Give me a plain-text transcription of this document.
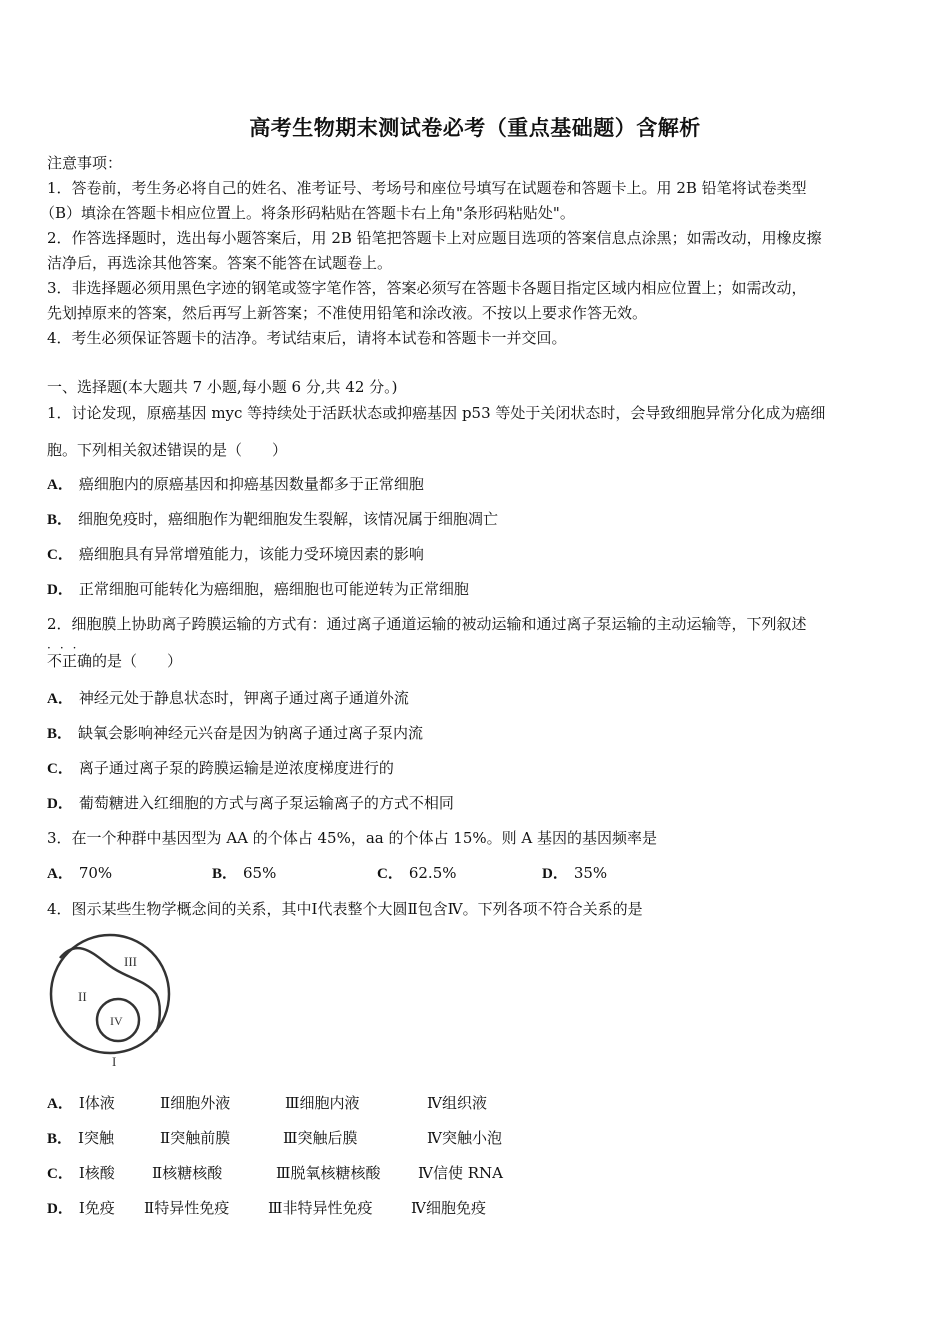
高考生物期末测试卷必考（重点基础题）含解析
注意事项：
1．答卷前，考生务必将自己的姓名、准考证号、考场号和座位号填写在试题卷和答题卡上。用 2B 铅笔将试卷类型
（B）填涂在答题卡相应位置上。将条形码粘贴在答题卡右上角"条形码粘贴处"。
2．作答选择题时，选出每小题答案后，用 2B 铅笔把答题卡上对应题目选项的答案信息点涂黑；如需改动，用橡皮擦
洁净后，再选涂其他答案。答案不能答在试题卷上。
3．非选择题必须用黑色字迹的钢笔或签字笔作答，答案必须写在答题卡各题目指定区域内相应位置上；如需改动，
先划掉原来的答案，然后再写上新答案；不准使用铅笔和涂改液。不按以上要求作答无效。
4．考生必须保证答题卡的洁净。考试结束后，请将本试卷和答题卡一并交回。
一、选择题(本大题共 7 小题,每小题 6 分,共 42 分。)
1．讨论发现，原癌基因 myc 等持续处于活跃状态或抑癌基因 p53 等处于关闭状态时，会导致细胞异常分化成为癌细
胞。下列相关叙述错误的是（　　）
A． 癌细胞内的原癌基因和抑癌基因数量都多于正常细胞
B． 细胞免疫时，癌细胞作为靶细胞发生裂解，该情况属于细胞凋亡
C． 癌细胞具有异常增殖能力，该能力受环境因素的影响
D． 正常细胞可能转化为癌细胞，癌细胞也可能逆转为正常细胞
2．细胞膜上协助离子跨膜运输的方式有：通过离子通道运输的被动运输和通过离子泵运输的主动运输等，下列叙述
···
不正确的是（　　）
A． 神经元处于静息状态时，钾离子通过离子通道外流
B． 缺氧会影响神经元兴奋是因为钠离子通过离子泵内流
C． 离子通过离子泵的跨膜运输是逆浓度梯度进行的
D． 葡萄糖进入红细胞的方式与离子泵运输离子的方式不相同
3．在一个种群中基因型为 AA 的个体占 45%，aa 的个体占 15%。则 A 基因的基因频率是
A． 70%	B． 65%	C． 62.5%	D． 35%
4．图示某些生物学概念间的关系，其中Ⅰ代表整个大圆Ⅱ包含Ⅳ。下列各项不符合关系的是
III
II
IV
I
A． Ⅰ体液	Ⅱ细胞外液	Ⅲ细胞内液	Ⅳ组织液
B． Ⅰ突触	Ⅱ突触前膜	Ⅲ突触后膜	Ⅳ突触小泡
C． Ⅰ核酸 Ⅱ核糖核酸	Ⅲ脱氧核糖核酸	Ⅳ信使 RNA
D． Ⅰ免疫 Ⅱ特异性免疫	Ⅲ非特异性免疫	Ⅳ细胞免疫
